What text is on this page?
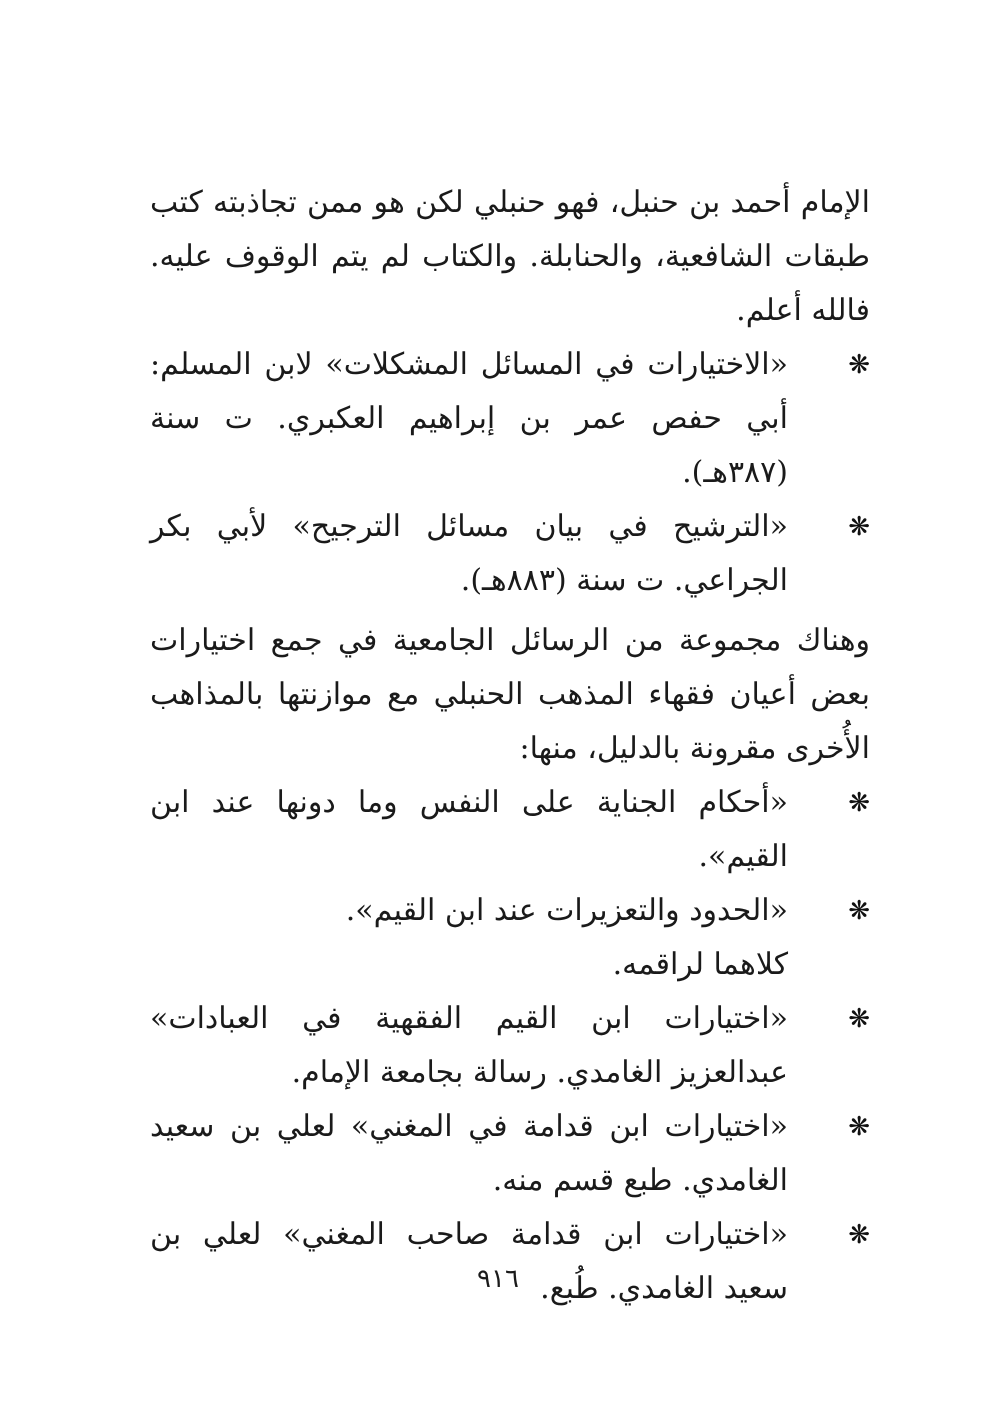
الإمام أحمد بن حنبل، فهو حنبلي لكن هو ممن تجاذبته كتب طبقات الشافعية، والحنابلة. والكتاب لم يتم الوقوف عليه. فالله أعلم.

❋
«الاختيارات في المسائل المشكلات» لابن المسلم: أبي حفص عمر بن إبراهيم العكبري. ت سنة (٣٨٧هـ).
❋
«الترشيح في بيان مسائل الترجيح» لأبي بكر الجراعي. ت سنة (٨٨٣هـ).

وهناك مجموعة من الرسائل الجامعية في جمع اختيارات بعض أعيان فقهاء المذهب الحنبلي مع موازنتها بالمذاهب الأُخرى مقرونة بالدليل، منها:

❋
«أحكام الجناية على النفس وما دونها عند ابن القيم».
❋
«الحدود والتعزيرات عند ابن القيم».

كلاهما لراقمه.

❋
«اختيارات ابن القيم الفقهية في العبادات» عبدالعزيز الغامدي. رسالة بجامعة الإمام.
❋
«اختيارات ابن قدامة في المغني» لعلي بن سعيد الغامدي. طبع قسم منه.
❋
«اختيارات ابن قدامة صاحب المغني» لعلي بن سعيد الغامدي. طُبع.
٩١٦
